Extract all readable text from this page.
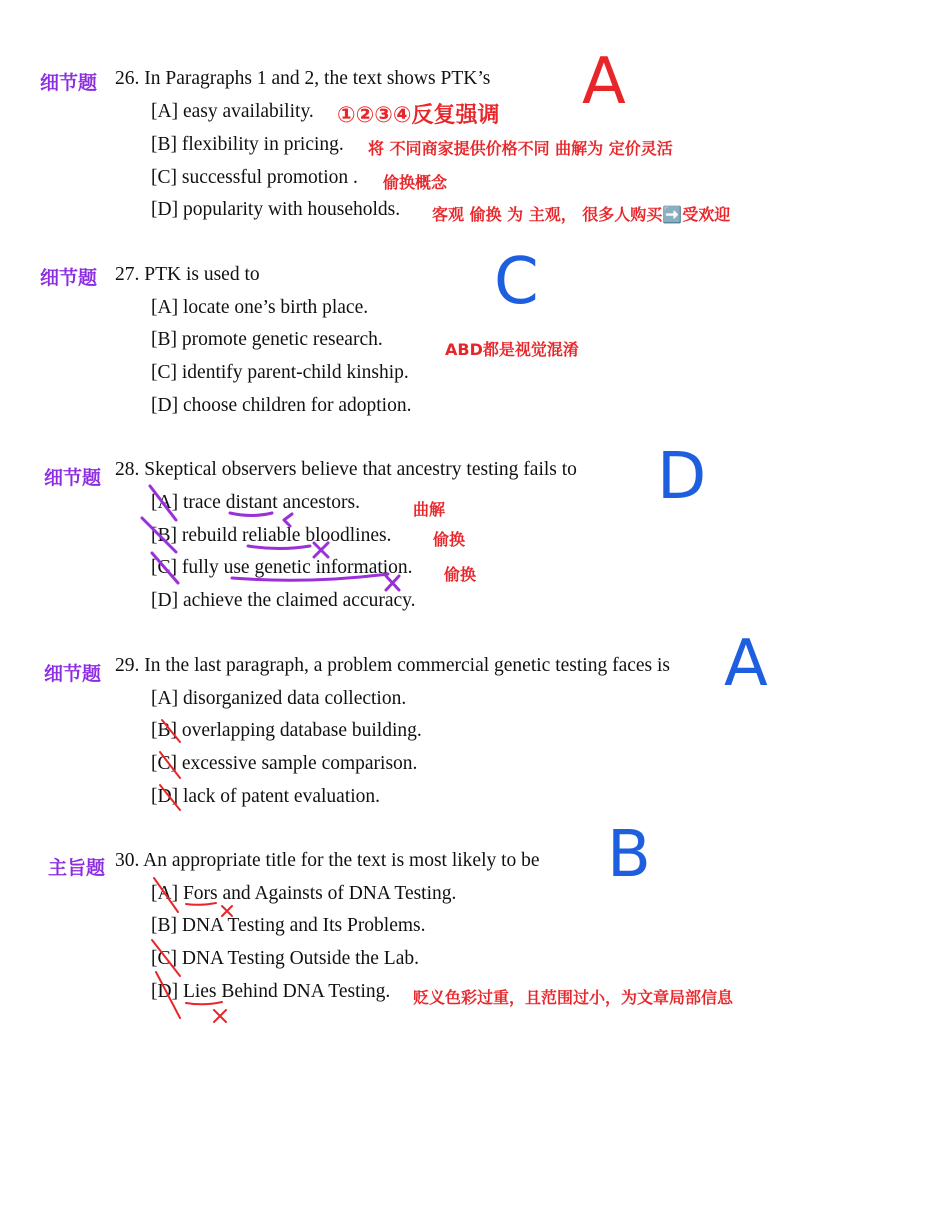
细节题 26. In Paragraphs 1 and 2, the text shows PTK’s A
[A] easy availability. ①②③④反复强调
[B] flexibility in pricing. 将 不同商家提供价格不同 曲解为 定价灵活
[C] successful promotion . 偷换概念
[D] popularity with households. 客观 偷换 为 主观， 很多人购买➡️受欢迎
细节题 27. PTK is used to	C
[A] locate one’s birth place.
[B] promote genetic research.	ABD都是视觉混淆
[C] identify parent-child kinship.
[D] choose children for adoption.
细节题 28. Skeptical observers believe that ancestry testing fails to D
[A] trace distant ancestors.	曲解
[B] rebuild reliable bloodlines.	偷换
[C] fully use genetic information. 偷换
[D] achieve the claimed accuracy.
细节题 29. In the last paragraph, a problem commercial genetic testing faces is A
[A] disorganized data collection.
[B] overlapping database building.
[C] excessive sample comparison.
[D] lack of patent evaluation.
主旨题 30. An appropriate title for the text is most likely to be B
[A] Fors and Againsts of DNA Testing.
[B] DNA Testing and Its Problems.
[C] DNA Testing Outside the Lab.
[D] Lies Behind DNA Testing. 贬义色彩过重，且范围过小，为文章局部信息
